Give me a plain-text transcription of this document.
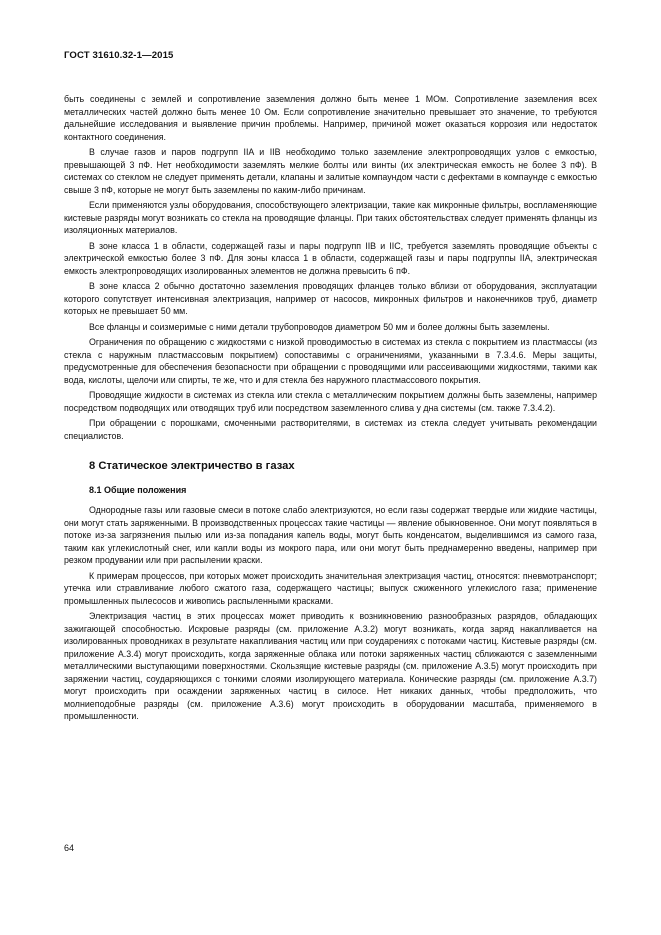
ГОСТ 31610.32-1—2015

быть соединены с землей и сопротивление заземления должно быть менее 1 МОм. Сопротивление заземления всех металлических частей должно быть менее 10 Ом. Если сопротивление значительно превышает это значение, то требуются дальнейшие исследования и выявление причин проблемы. Например, причиной может оказаться коррозия или недостаток контактного соединения.

В случае газов и паров подгрупп IIA и IIB необходимо только заземление электропроводящих узлов с емкостью, превышающей 3 пФ. Нет необходимости заземлять мелкие болты или винты (их электрическая емкость не более 3 пФ). В системах со стеклом не следует применять детали, клапаны и залитые компаундом части с дефектами в компаунде с емкостью свыше 3 пФ, которые не могут быть заземлены по каким-либо причинам.

Если применяются узлы оборудования, способствующего электризации, такие как микронные фильтры, воспламеняющие кистевые разряды могут возникать со стекла на проводящие фланцы. При таких обстоятельствах следует применять фланцы из изоляционных материалов.

В зоне класса 1 в области, содержащей газы и пары подгрупп IIB и IIC, требуется заземлять проводящие объекты с электрической емкостью более 3 пФ. Для зоны класса 1 в области, содержащей газы и пары подгруппы IIA, электрическая емкость электропроводящих изолированных элементов не должна превысить 6 пФ.

В зоне класса 2 обычно достаточно заземления проводящих фланцев только вблизи от оборудования, эксплуатации которого сопутствует интенсивная электризация, например от насосов, микронных фильтров и наконечников труб, диаметр которых не превышает 50 мм.

Все фланцы и соизмеримые с ними детали трубопроводов диаметром 50 мм и более должны быть заземлены.

Ограничения по обращению с жидкостями с низкой проводимостью в системах из стекла с покрытием из пластмассы (из стекла с наружным пластмассовым покрытием) сопоставимы с ограничениями, указанными в 7.3.4.6. Меры защиты, предусмотренные для обеспечения безопасности при обращении с проводящими или рассеивающими жидкостями, такими как вода, кислоты, щелочи или спирты, те же, что и для стекла без наружного пластмассового покрытия.

Проводящие жидкости в системах из стекла или стекла с металлическим покрытием должны быть заземлены, например посредством подводящих или отводящих труб или посредством заземленного слива у дна системы (см. также 7.3.4.2).

При обращении с порошками, смоченными растворителями, в системах из стекла следует учитывать рекомендации специалистов.

8 Статическое электричество в газах
8.1 Общие положения

Однородные газы или газовые смеси в потоке слабо электризуются, но если газы содержат твердые или жидкие частицы, они могут стать заряженными. В производственных процессах такие частицы — явление обыкновенное. Они могут появляться в потоке из-за загрязнения пылью или из-за попадания капель воды, могут быть конденсатом, выделившимся из самого газа, таким как углекислотный снег, или капли воды из мокрого пара, или они могут быть преднамеренно введены, например при резком продувании или при распылении краски.

К примерам процессов, при которых может происходить значительная электризация частиц, относятся: пневмотранспорт; утечка или стравливание любого сжатого газа, содержащего частицы; выпуск сжиженного углекислого газа; применение промышленных пылесосов и живопись распыленными красками.

Электризация частиц в этих процессах может приводить к возникновению разнообразных разрядов, обладающих зажигающей способностью. Искровые разряды (см. приложение А.3.2) могут возникать, когда заряд накапливается на изолированных проводниках в результате накапливания частиц или при соударениях с потоками частиц. Кистевые разряды (см. приложение А.3.4) могут происходить, когда заряженные облака или потоки заряженных частиц сближаются с заземленными металлическими выступающими поверхностями. Скользящие кистевые разряды (см. приложение А.3.5) могут происходить при заряжении частиц, соударяющихся с тонкими слоями изолирующего материала. Конические разряды (см. приложение А.3.7) могут происходить при осаждении заряженных частиц в силосе. Нет никаких данных, чтобы предположить, что молниеподобные разряды (см. приложение А.3.6) могут происходить в оборудовании масштаба, применяемого в промышленности.

64
